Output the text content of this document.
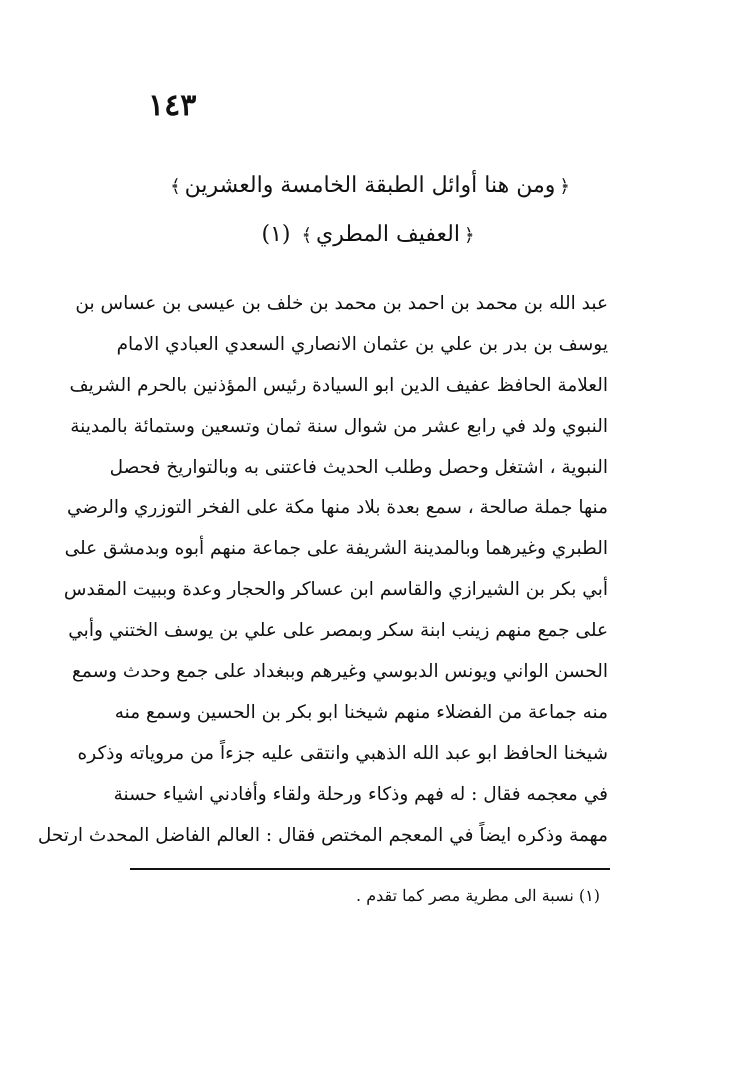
١٤٣
﴿ومن هنا أوائل الطبقة الخامسة والعشرين﴾
﴿العفيف المطري﴾ (١)
عبد الله بن محمد بن احمد بن محمد بن خلف بن عيسى بن عساس بن
يوسف بن بدر بن علي بن عثمان الانصاري السعدي العبادي الامام
العلامة الحافظ عفيف الدين ابو السيادة رئيس المؤذنين بالحرم الشريف
النبوي ولد في رابع عشر من شوال سنة ثمان وتسعين وستمائة بالمدينة
النبوية ، اشتغل وحصل وطلب الحديث فاعتنى به وبالتواريخ فحصل
منها جملة صالحة ، سمع بعدة بلاد منها مكة على الفخر التوزري والرضي
الطبري وغيرهما وبالمدينة الشريفة على جماعة منهم أبوه وبدمشق على
أبي بكر بن الشيرازي والقاسم ابن عساكر والحجار وعدة وببيت المقدس
على جمع منهم زينب ابنة سكر وبمصر على علي بن يوسف الختني وأبي
الحسن الواني ويونس الدبوسي وغيرهم وببغداد على جمع وحدث وسمع
منه جماعة من الفضلاء منهم شيخنا ابو بكر بن الحسين وسمع منه
شيخنا الحافظ ابو عبد الله الذهبي وانتقى عليه جزءاً من مروياته وذكره
في معجمه فقال : له فهم وذكاء ورحلة ولقاء وأفادني اشياء حسنة
مهمة وذكره ايضاً في المعجم المختص فقال : العالم الفاضل المحدث ارتحل
(١) نسبة الى مطرية مصر كما تقدم .
